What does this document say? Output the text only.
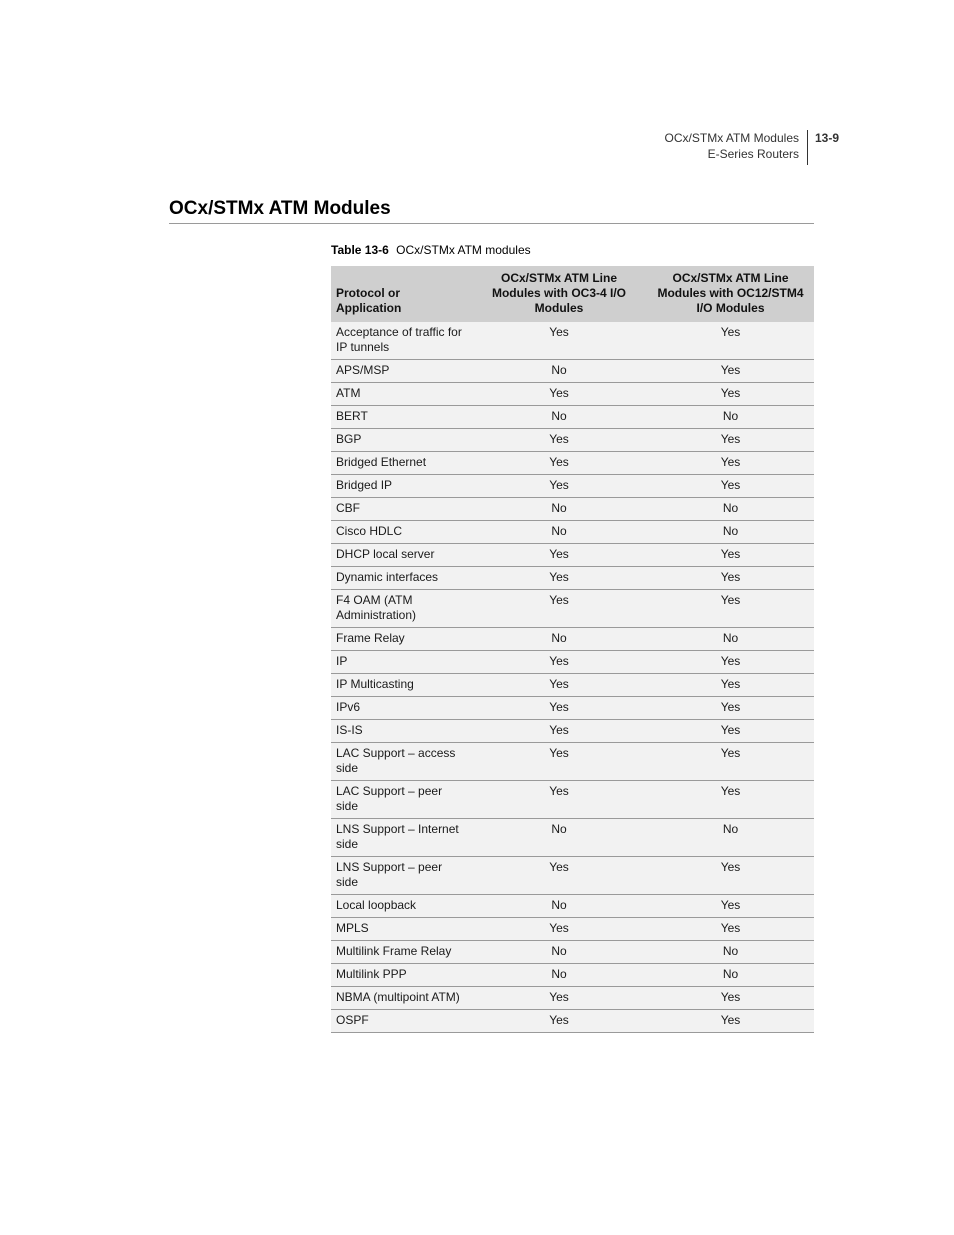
OCx/STMx ATM Modules
E-Series Routers
13-9
OCx/STMx ATM Modules
Table 13-6 OCx/STMx ATM modules
Protocol or Application	OCx/STMx ATM Line Modules with OC3-4 I/O Modules	OCx/STMx ATM Line Modules with OC12/STM4 I/O Modules
Acceptance of traffic for IP tunnels	Yes	Yes
APS/MSP	No	Yes
ATM	Yes	Yes
BERT	No	No
BGP	Yes	Yes
Bridged Ethernet	Yes	Yes
Bridged IP	Yes	Yes
CBF	No	No
Cisco HDLC	No	No
DHCP local server	Yes	Yes
Dynamic interfaces	Yes	Yes
F4 OAM (ATM Administration)	Yes	Yes
Frame Relay	No	No
IP	Yes	Yes
IP Multicasting	Yes	Yes
IPv6	Yes	Yes
IS-IS	Yes	Yes
LAC Support – access side	Yes	Yes
LAC Support – peer side	Yes	Yes
LNS Support – Internet side	No	No
LNS Support – peer side	Yes	Yes
Local loopback	No	Yes
MPLS	Yes	Yes
Multilink Frame Relay	No	No
Multilink PPP	No	No
NBMA (multipoint ATM)	Yes	Yes
OSPF	Yes	Yes
